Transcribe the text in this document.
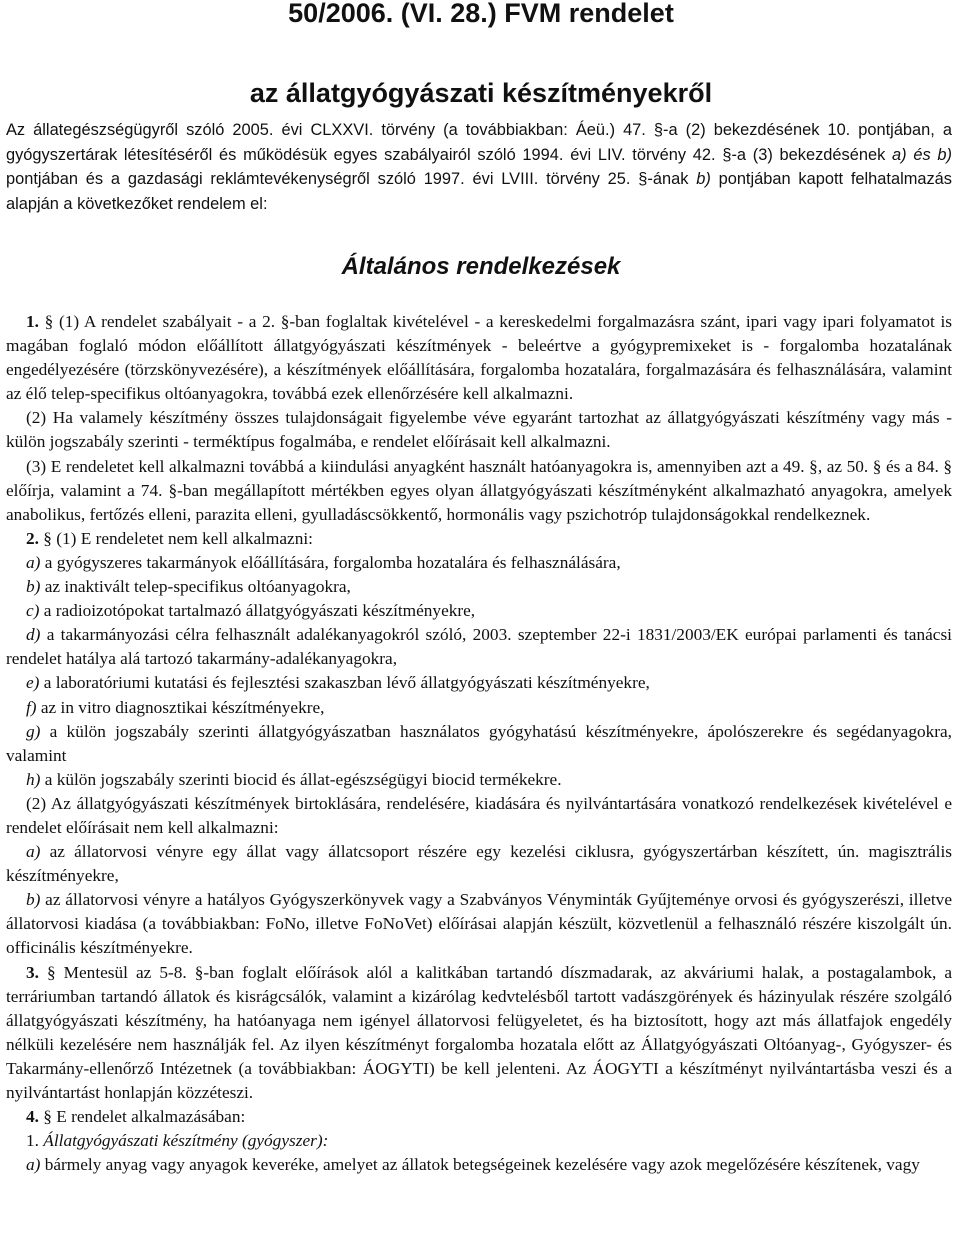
50/2006. (VI. 28.) FVM rendelet
az állatgyógyászati készítményekről

Az állategészségügyről szóló 2005. évi CLXXVI. törvény (a továbbiakban: Áeü.) 47. §-a (2) bekezdésének 10. pontjában, a gyógyszertárak létesítéséről és működésük egyes szabályairól szóló 1994. évi LIV. törvény 42. §-a (3) bekezdésének a) és b) pontjában és a gazdasági reklámtevékenységről szóló 1997. évi LVIII. törvény 25. §-ának b) pontjában kapott felhatalmazás alapján a következőket rendelem el:

Általános rendelkezések

1. § (1) A rendelet szabályait - a 2. §-ban foglaltak kivételével - a kereskedelmi forgalmazásra szánt, ipari vagy ipari folyamatot is magában foglaló módon előállított állatgyógyászati készítmények - beleértve a gyógypremixeket is - forgalomba hozatalának engedélyezésére (törzskönyvezésére), a készítmények előállítására, forgalomba hozatalára, forgalmazására és felhasználására, valamint az élő telep-specifikus oltóanyagokra, továbbá ezek ellenőrzésére kell alkalmazni.

(2) Ha valamely készítmény összes tulajdonságait figyelembe véve egyaránt tartozhat az állatgyógyászati készítmény vagy más - külön jogszabály szerinti - terméktípus fogalmába, e rendelet előírásait kell alkalmazni.

(3) E rendeletet kell alkalmazni továbbá a kiindulási anyagként használt hatóanyagokra is, amennyiben azt a 49. §, az 50. § és a 84. § előírja, valamint a 74. §-ban megállapított mértékben egyes olyan állatgyógyászati készítményként alkalmazható anyagokra, amelyek anabolikus, fertőzés elleni, parazita elleni, gyulladáscsökkentő, hormonális vagy pszichotróp tulajdonságokkal rendelkeznek.

2. § (1) E rendeletet nem kell alkalmazni:

a) a gyógyszeres takarmányok előállítására, forgalomba hozatalára és felhasználására,

b) az inaktivált telep-specifikus oltóanyagokra,

c) a radioizotópokat tartalmazó állatgyógyászati készítményekre,

d) a takarmányozási célra felhasznált adalékanyagokról szóló, 2003. szeptember 22-i 1831/2003/EK európai parlamenti és tanácsi rendelet hatálya alá tartozó takarmány-adalékanyagokra,

e) a laboratóriumi kutatási és fejlesztési szakaszban lévő állatgyógyászati készítményekre,

f) az in vitro diagnosztikai készítményekre,

g) a külön jogszabály szerinti állatgyógyászatban használatos gyógyhatású készítményekre, ápolószerekre és segédanyagokra, valamint

h) a külön jogszabály szerinti biocid és állat-egészségügyi biocid termékekre.

(2) Az állatgyógyászati készítmények birtoklására, rendelésére, kiadására és nyilvántartására vonatkozó rendelkezések kivételével e rendelet előírásait nem kell alkalmazni:

a) az állatorvosi vényre egy állat vagy állatcsoport részére egy kezelési ciklusra, gyógyszertárban készített, ún. magisztrális készítményekre,

b) az állatorvosi vényre a hatályos Gyógyszerkönyvek vagy a Szabványos Vényminták Gyűjteménye orvosi és gyógyszerészi, illetve állatorvosi kiadása (a továbbiakban: FoNo, illetve FoNoVet) előírásai alapján készült, közvetlenül a felhasználó részére kiszolgált ún. officinális készítményekre.

3. § Mentesül az 5-8. §-ban foglalt előírások alól a kalitkában tartandó díszmadarak, az akváriumi halak, a postagalambok, a terráriumban tartandó állatok és kisrágcsálók, valamint a kizárólag kedvtelésből tartott vadászgörények és házinyulak részére szolgáló állatgyógyászati készítmény, ha hatóanyaga nem igényel állatorvosi felügyeletet, és ha biztosított, hogy azt más állatfajok engedély nélküli kezelésére nem használják fel. Az ilyen készítményt forgalomba hozatala előtt az Állatgyógyászati Oltóanyag-, Gyógyszer- és Takarmány-ellenőrző Intézetnek (a továbbiakban: ÁOGYTI) be kell jelenteni. Az ÁOGYTI a készítményt nyilvántartásba veszi és a nyilvántartást honlapján közzéteszi.

4. § E rendelet alkalmazásában:

1. Állatgyógyászati készítmény (gyógyszer):

a) bármely anyag vagy anyagok keveréke, amelyet az állatok betegségeinek kezelésére vagy azok megelőzésére készítenek, vagy
